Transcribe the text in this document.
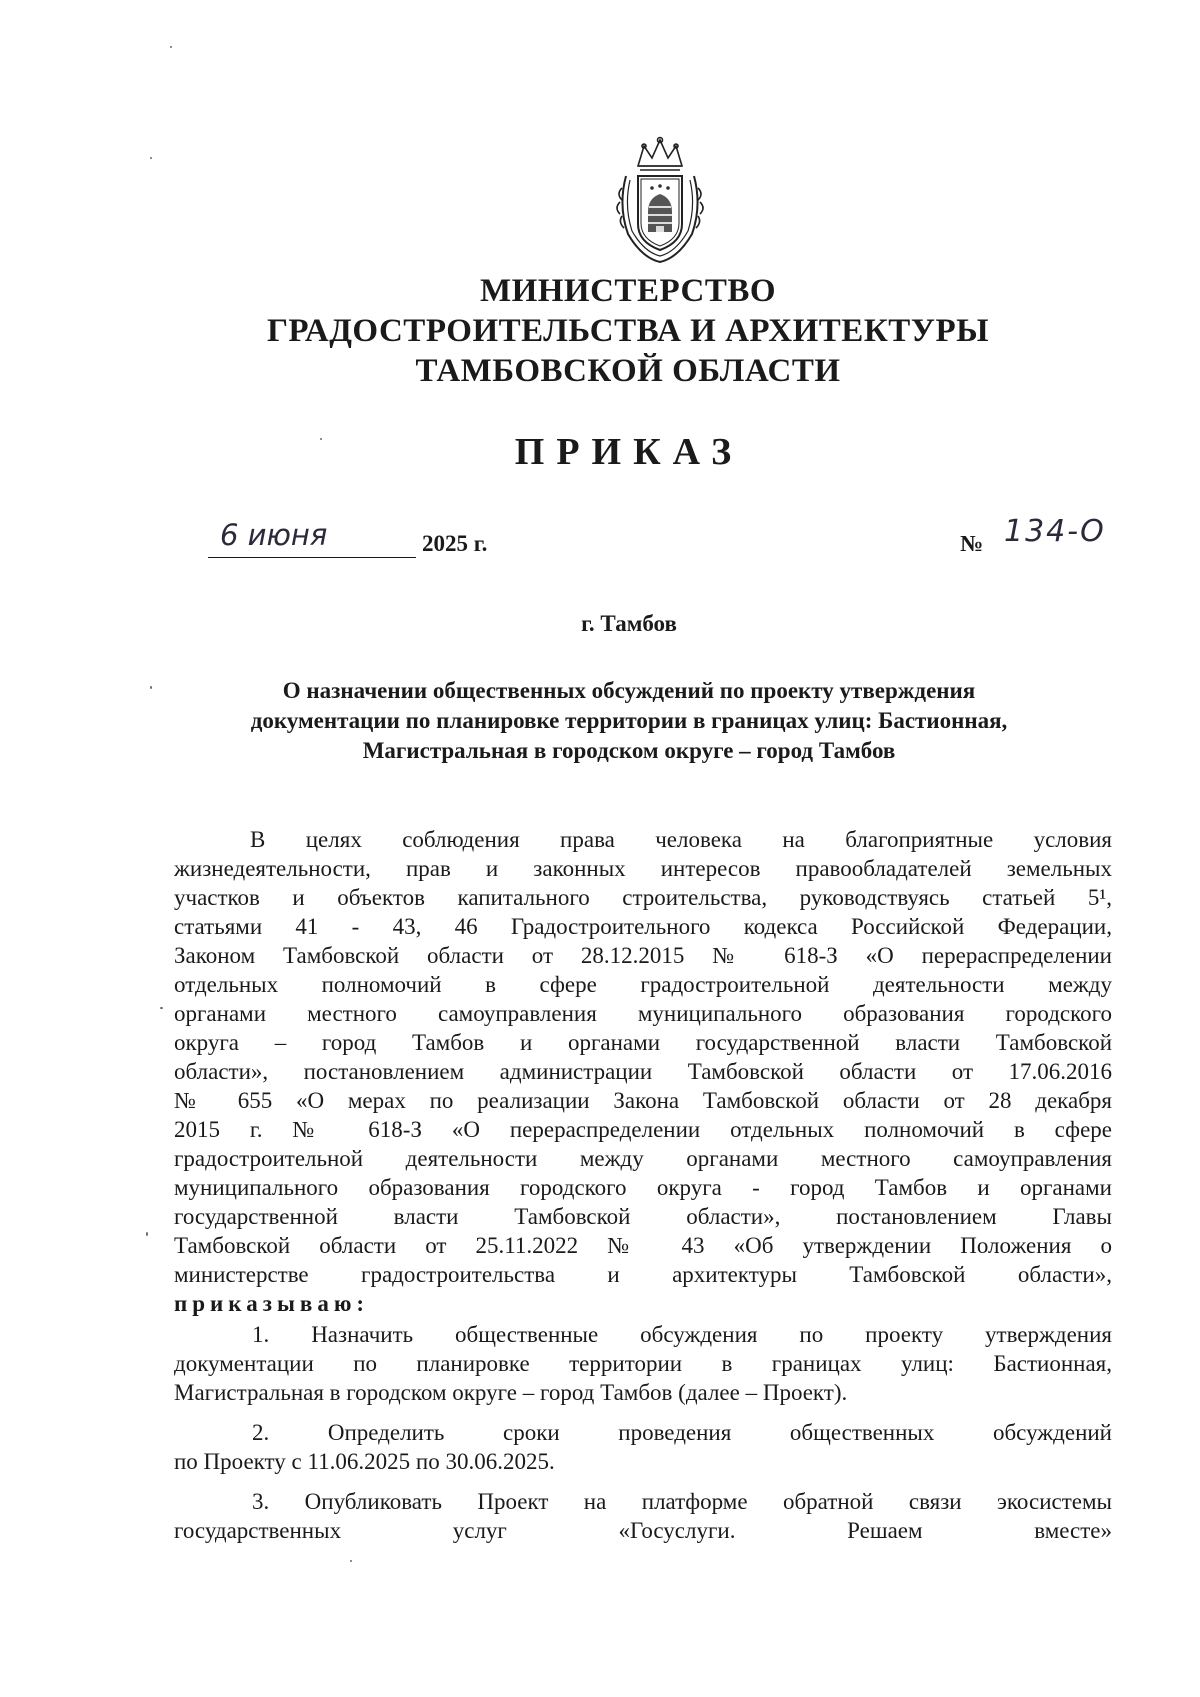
МИНИСТЕРСТВО
ГРАДОСТРОИТЕЛЬСТВА И АРХИТЕКТУРЫ
ТАМБОВСКОЙ ОБЛАСТИ
ПРИКАЗ
6 июня	2025 г.	№ 134-О
г. Тамбов
О назначении общественных обсуждений по проекту утверждения
документации по планировке территории в границах улиц: Бастионная,
Магистральная в городском округе – город Тамбов
В целях соблюдения права человека на благоприятные условия
жизнедеятельности, прав и законных интересов правообладателей земельных
участков и объектов капитального строительства, руководствуясь статьей 5¹,
статьями 41 - 43, 46 Градостроительного кодекса Российской Федерации,
Законом Тамбовской области от 28.12.2015 № 618-З «О перераспределении
отдельных полномочий в сфере градостроительной деятельности между
органами местного самоуправления муниципального образования городского
округа – город Тамбов и органами государственной власти Тамбовской
области», постановлением администрации Тамбовской области от 17.06.2016
№ 655 «О мерах по реализации Закона Тамбовской области от 28 декабря
2015 г. № 618-З «О перераспределении отдельных полномочий в сфере
градостроительной деятельности между органами местного самоуправления
муниципального образования городского округа - город Тамбов и органами
государственной власти Тамбовской области», постановлением Главы
Тамбовской области от 25.11.2022 № 43 «Об утверждении Положения о
министерстве градостроительства и архитектуры Тамбовской области»,
приказываю:
1. Назначить общественные обсуждения по проекту утверждения
документации по планировке территории в границах улиц: Бастионная,
Магистральная в городском округе – город Тамбов (далее – Проект).
2. Определить сроки проведения общественных обсуждений
по Проекту с 11.06.2025 по 30.06.2025.
3. Опубликовать Проект на платформе обратной связи экосистемы
государственных услуг «Госуслуги. Решаем вместе»
